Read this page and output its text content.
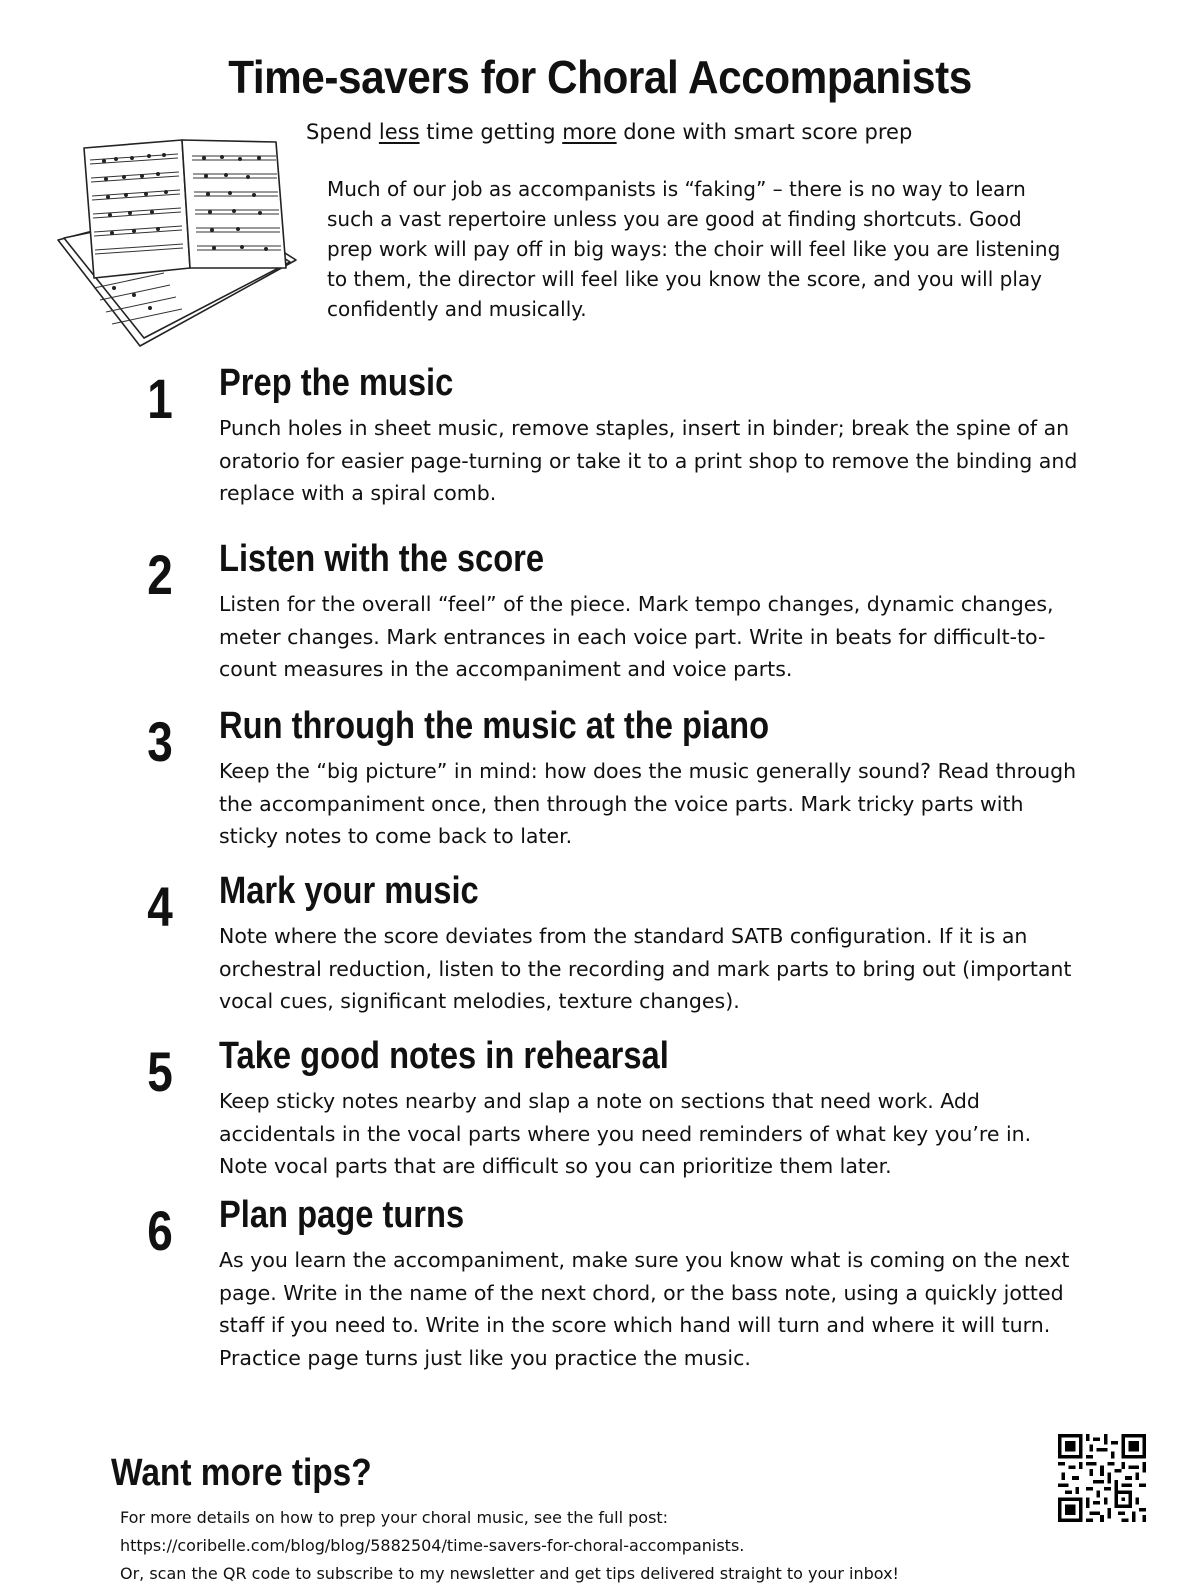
Time-savers for Choral Accompanists
Spend less time getting more done with smart score prep
Much of our job as accompanists is “faking” – there is no way to learn such a vast repertoire unless you are good at finding shortcuts. Good prep work will pay off in big ways: the choir will feel like you are listening to them, the director will feel like you know the score, and you will play confidently and musically.
1 Prep the music
Punch holes in sheet music, remove staples, insert in binder; break the spine of an oratorio for easier page-turning or take it to a print shop to remove the binding and replace with a spiral comb.
2 Listen with the score
Listen for the overall “feel” of the piece. Mark tempo changes, dynamic changes, meter changes. Mark entrances in each voice part. Write in beats for difficult-to-count measures in the accompaniment and voice parts.
3 Run through the music at the piano
Keep the “big picture” in mind: how does the music generally sound? Read through the accompaniment once, then through the voice parts. Mark tricky parts with sticky notes to come back to later.
4 Mark your music
Note where the score deviates from the standard SATB configuration. If it is an orchestral reduction, listen to the recording and mark parts to bring out (important vocal cues, significant melodies, texture changes).
5 Take good notes in rehearsal
Keep sticky notes nearby and slap a note on sections that need work. Add accidentals in the vocal parts where you need reminders of what key you’re in. Note vocal parts that are difficult so you can prioritize them later.
6 Plan page turns
As you learn the accompaniment, make sure you know what is coming on the next page. Write in the name of the next chord, or the bass note, using a quickly jotted staff if you need to. Write in the score which hand will turn and where it will turn. Practice page turns just like you practice the music.
Want more tips?
For more details on how to prep your choral music, see the full post:
https://coribelle.com/blog/blog/5882504/time-savers-for-choral-accompanists.
Or, scan the QR code to subscribe to my newsletter and get tips delivered straight to your inbox!
